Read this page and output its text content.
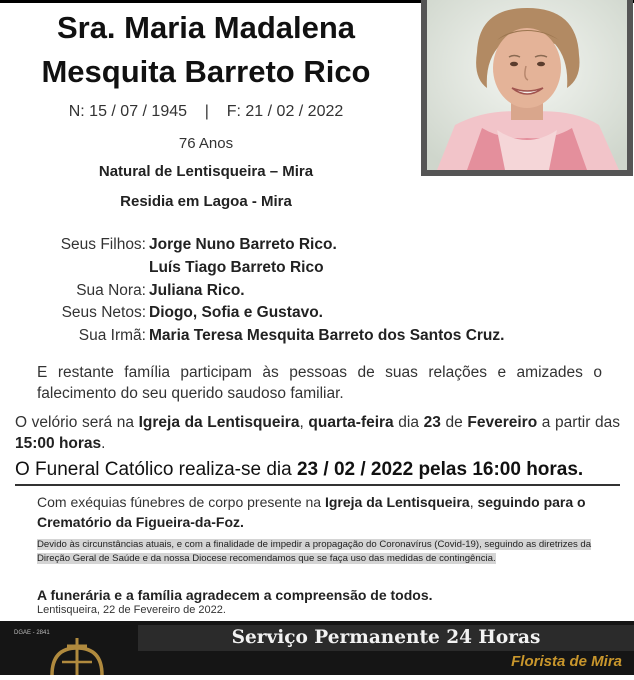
Sra. Maria Madalena
Mesquita Barreto Rico
N: 15 / 07 / 1945    |    F: 21 / 02 / 2022
76 Anos
Natural de Lentisqueira – Mira
Residia em Lagoa - Mira
Seus Filhos: Jorge Nuno Barreto Rico.
Luís Tiago Barreto Rico
Sua Nora: Juliana Rico.
Seus Netos: Diogo, Sofia e Gustavo.
Sua Irmã: Maria Teresa Mesquita Barreto dos Santos Cruz.
E restante família participam às pessoas de suas relações e amizades o falecimento do seu querido saudoso familiar.
O velório será na Igreja da Lentisqueira, quarta-feira dia 23 de Fevereiro a partir das 15:00 horas.
O Funeral Católico realiza-se dia 23 / 02 / 2022 pelas 16:00 horas.
Com exéquias fúnebres de corpo presente na Igreja da Lentisqueira, seguindo para o Crematório da Figueira-da-Foz.
Devido às circunstâncias atuais, e com a finalidade de impedir a propagação do Coronavírus (Covid-19), seguindo as diretrizes da Direção Geral de Saúde e da nossa Diocese recomendamos que se faça uso das medidas de contingência.
A funerária e a família agradecem a compreensão de todos.
Lentisqueira, 22 de Fevereiro de 2022.
DGAE - 2841	Serviço Permanente 24 Horas
Florista de Mira
